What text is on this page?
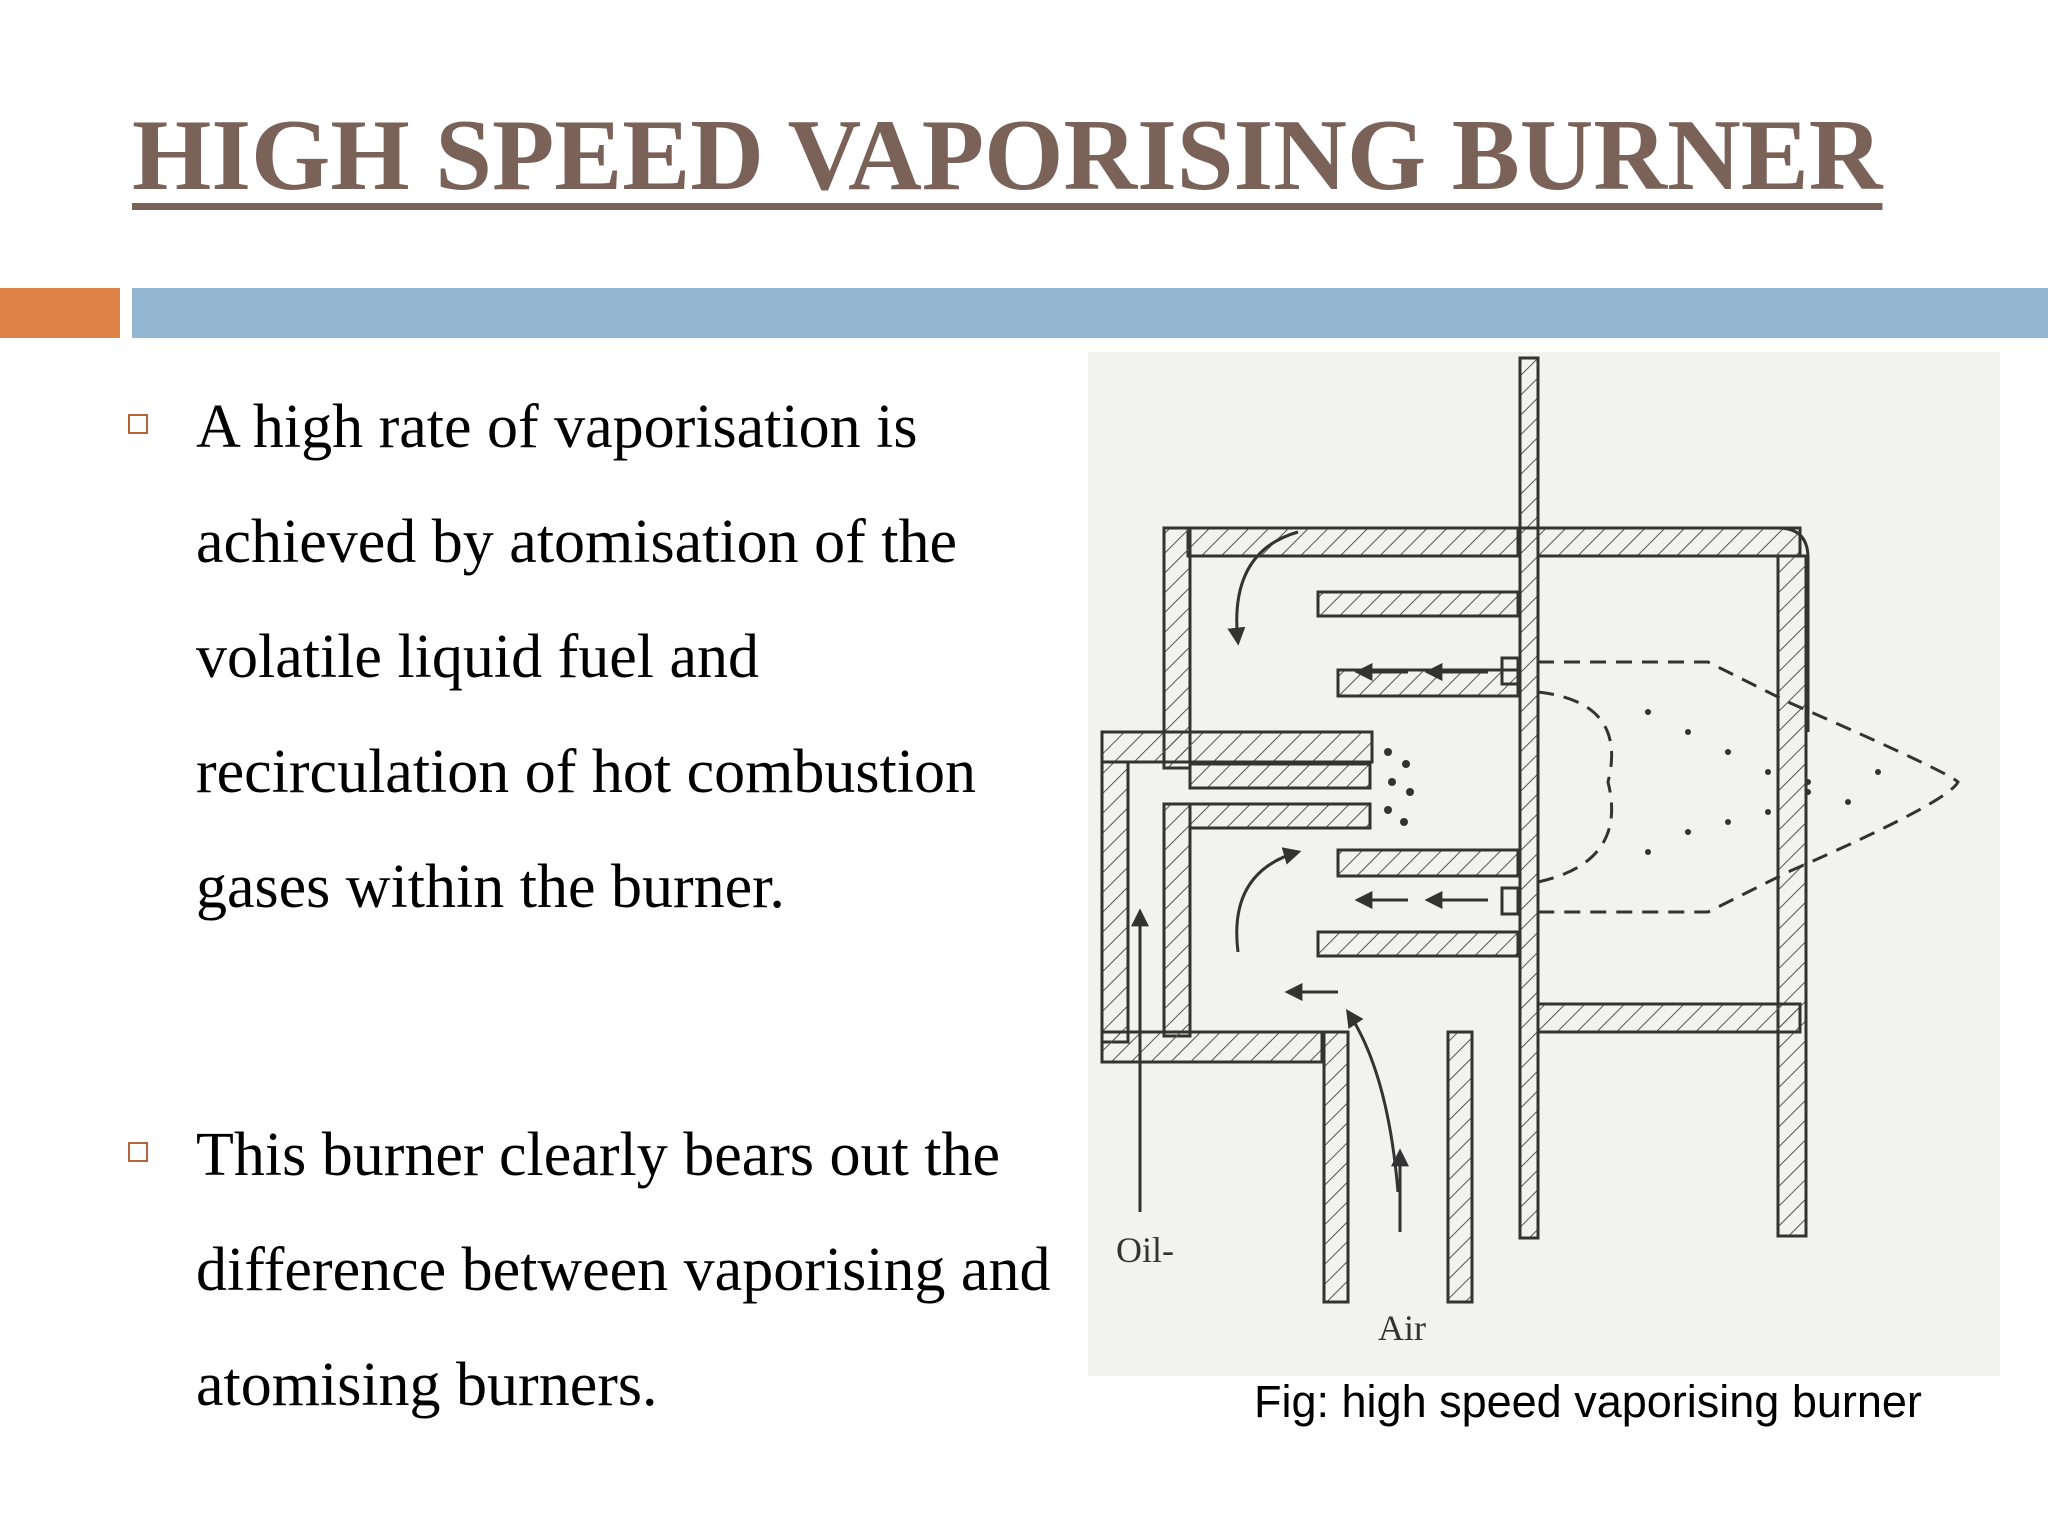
HIGH SPEED VAPORISING BURNER
A high rate of vaporisation is achieved by atomisation of the volatile liquid fuel and recirculation of hot combustion gases within the burner.
This burner clearly bears out the difference between vaporising and atomising burners.
Oil-
Air
Fig: high speed vaporising burner
